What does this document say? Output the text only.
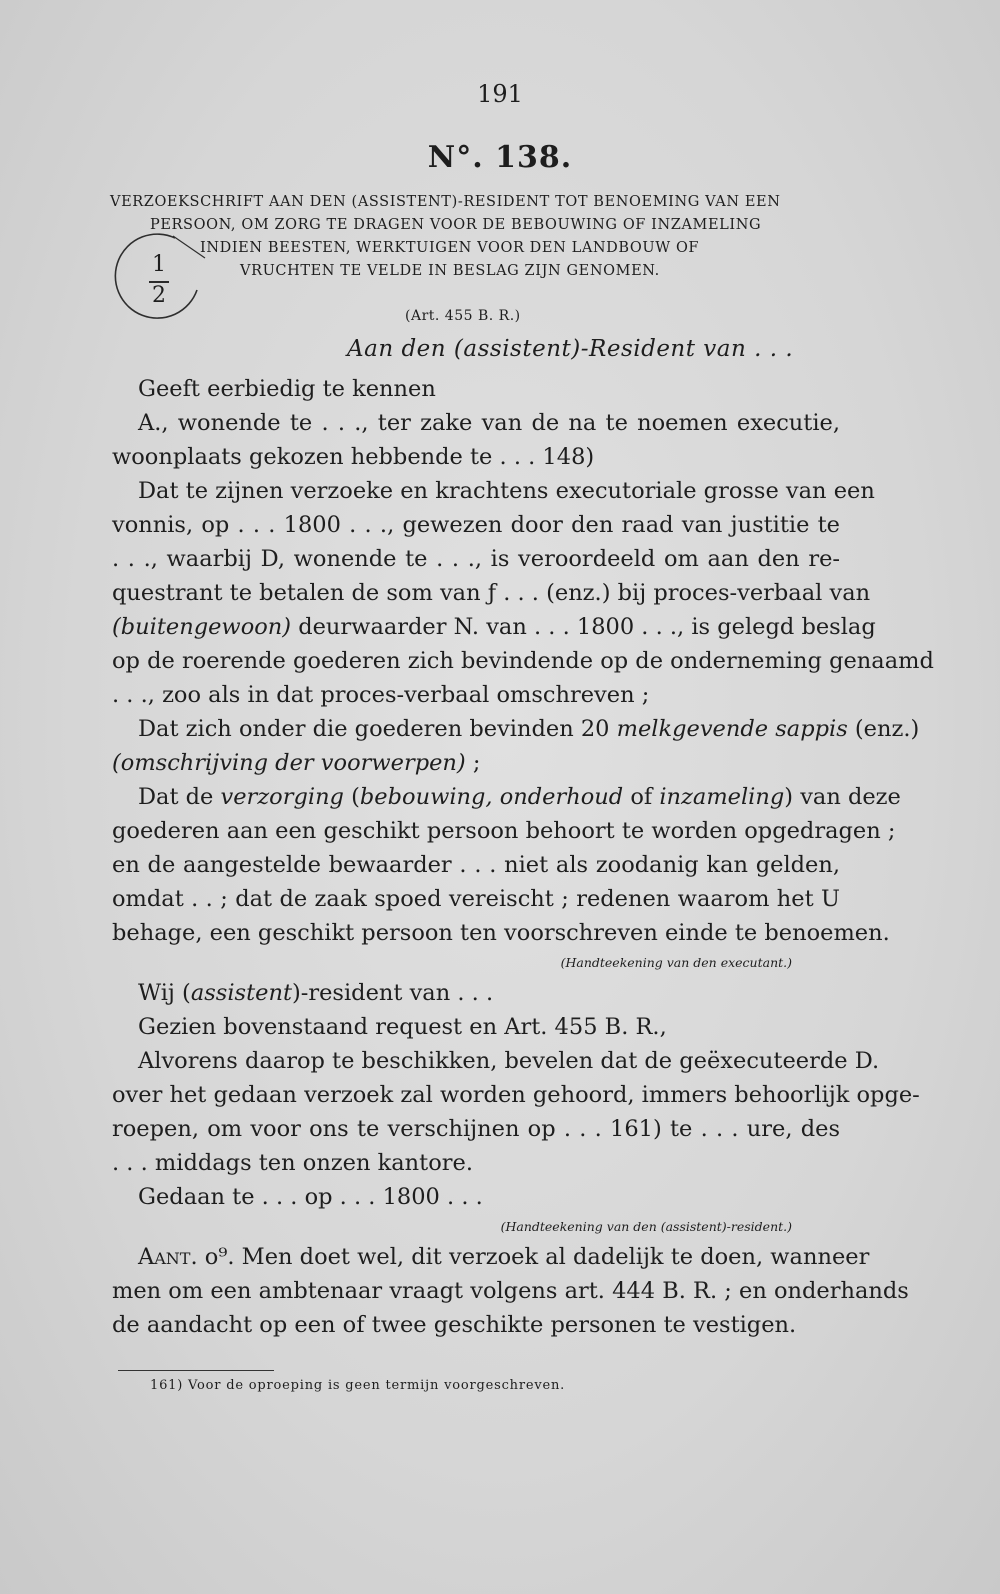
191
N°. 138.
VERZOEKSCHRIFT AAN DEN (ASSISTENT)-RESIDENT TOT BENOEMING VAN EEN
PERSOON, OM ZORG TE DRAGEN VOOR DE BEBOUWING OF INZAMELING
INDIEN BEESTEN, WERKTUIGEN VOOR DEN LANDBOUW OF
VRUCHTEN TE VELDE IN BESLAG ZIJN GENOMEN.
1
2
(Art. 455 B. R.)
Aan den (assistent)-Resident van . . .
Geeft eerbiedig te kennen
A., wonende te . . ., ter zake van de na te noemen executie,
woonplaats gekozen hebbende te . . . 148)
Dat te zijnen verzoeke en krachtens executoriale grosse van een
vonnis, op . . . 1800 . . ., gewezen door den raad van justitie te
. . ., waarbij D, wonende te . . ., is veroordeeld om aan den re-
questrant te betalen de som van ƒ . . . (enz.) bij proces-verbaal van
(buitengewoon) deurwaarder N. van . . . 1800 . . ., is gelegd beslag
op de roerende goederen zich bevindende op de onderneming genaamd
. . ., zoo als in dat proces-verbaal omschreven ;
Dat zich onder die goederen bevinden 20 melkgevende sappis (enz.)
(omschrijving der voorwerpen) ;
Dat de verzorging (bebouwing, onderhoud of inzameling) van deze
goederen aan een geschikt persoon behoort te worden opgedragen ;
en de aangestelde bewaarder . . . niet als zoodanig kan gelden,
omdat . . ; dat de zaak spoed vereischt ; redenen waarom het U
behage, een geschikt persoon ten voorschreven einde te benoemen.
(Handteekening van den executant.)
Wij (assistent)-resident van . . .
Gezien bovenstaand request en Art. 455 B. R.,
Alvorens daarop te beschikken, bevelen dat de geëxecuteerde D.
over het gedaan verzoek zal worden gehoord, immers behoorlijk opge-
roepen, om voor ons te verschijnen op . . . 161) te . . . ure, des
. . . middags ten onzen kantore.
Gedaan te . . . op . . . 1800 . . .
(Handteekening van den (assistent)-resident.)
Aant. o⁹. Men doet wel, dit verzoek al dadelijk te doen, wanneer
men om een ambtenaar vraagt volgens art. 444 B. R. ; en onderhands
de aandacht op een of twee geschikte personen te vestigen.
161) Voor de oproeping is geen termijn voorgeschreven.
